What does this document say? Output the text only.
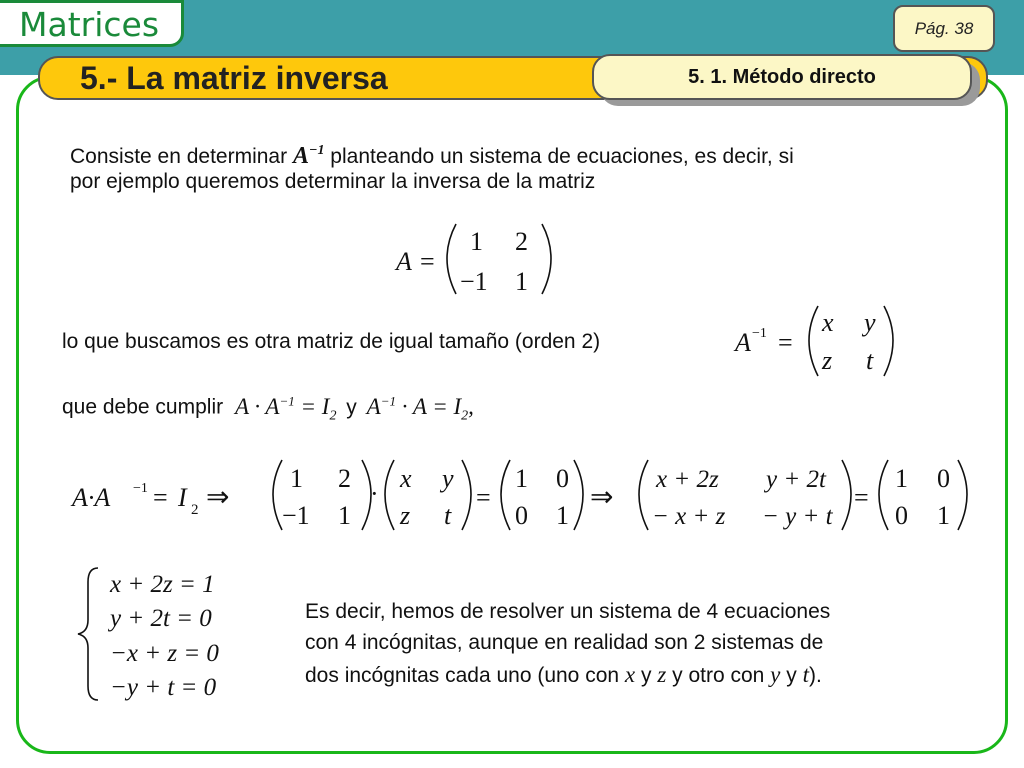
Matrices	Pág. 38
5.- La matriz inversa	5. 1. Método directo
Consiste en determinar $A^{-1}$ planteando un sistema de ecuaciones, es decir, si
por ejemplo queremos determinar la inversa de la matriz
lo que buscamos es otra matriz de igual tamaño (orden 2)
que debe cumplir $A \cdot A^{-1} = I_2$ y $A^{-1} \cdot A = I_2$,
Es decir, hemos de resolver un sistema de 4 ecuaciones
con 4 incógnitas, aunque en realidad son 2 sistemas de
dos incógnitas cada uno (uno con x y z y otro con y y t).
A =
1 2
−1 1
A −1 =
x y
z t
A·A −1 = I 2 ⇒
1 2
−1 1
·
x y
z t
=
1 0
0 1
⇒
x + 2z y + 2t
− x + z − y + t
=
1 0
0 1
x + 2z = 1
y + 2t = 0
−x + z = 0
−y + t = 0
